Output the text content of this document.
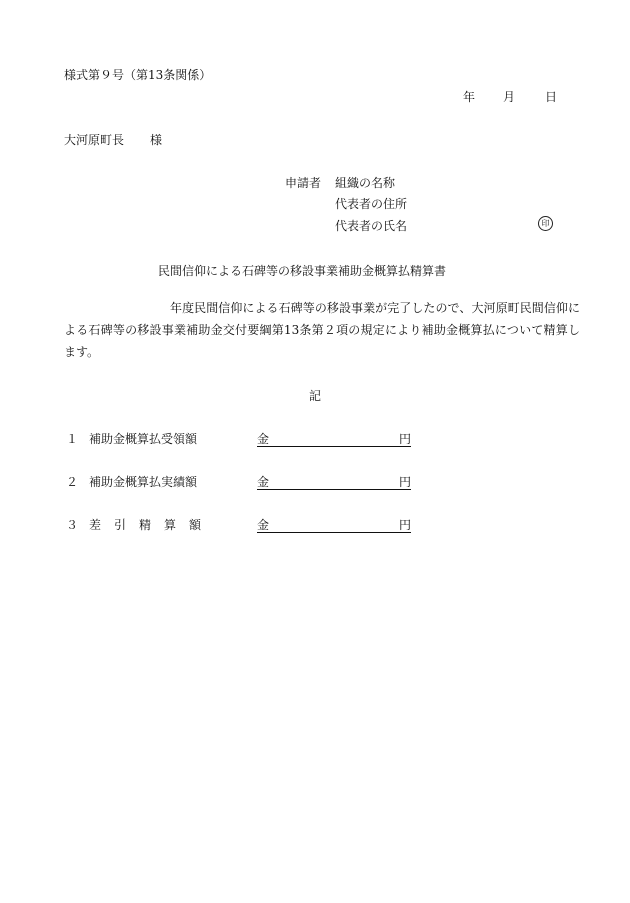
様式第９号（第13条関係）
年 月 日
大河原町長 様
申請者 組織の名称
代表者の住所
代表者の氏名	印
民間信仰による石碑等の移設事業補助金概算払精算書
年度民間信仰による石碑等の移設事業が完了したので、大河原町民間信仰による石碑等の移設事業補助金交付要綱第13条第２項の規定により補助金概算払について精算します。
記
１ 補助金概算払受領額	金	円
２ 補助金概算払実績額	金	円
３ 差引精算額	金	円
